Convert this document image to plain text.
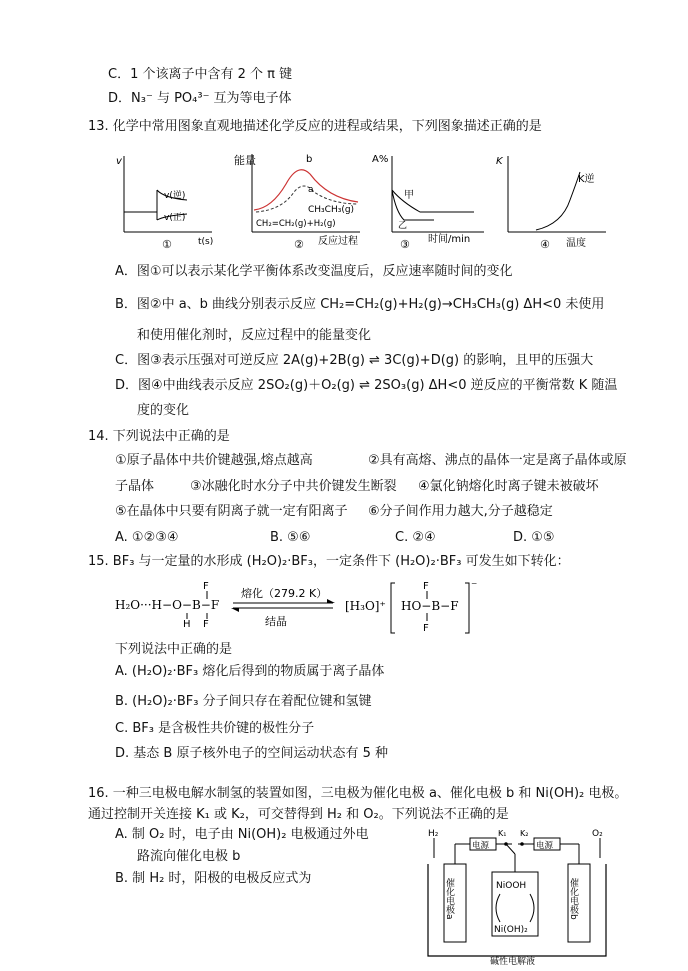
C．1 个该离子中含有 2 个 π 键
D．N₃⁻ 与 PO₄³⁻ 互为等电子体
13. 化学中常用图象直观地描述化学反应的进程或结果，下列图象描述正确的是
v
v(逆)
v(正)
t(s)
①
能量	b
a
CH₃CH₃(g)
CH₂=CH₂(g)+H₂(g)
反应过程
②
A%
甲
乙
时间/min
③
K
K逆
温度
④
A．图①可以表示某化学平衡体系改变温度后，反应速率随时间的变化
B．图②中 a、b 曲线分别表示反应 CH₂=CH₂(g)+H₂(g)→CH₃CH₃(g) ΔH<0 未使用
和使用催化剂时，反应过程中的能量变化
C．图③表示压强对可逆反应 2A(g)+2B(g) ⇌ 3C(g)+D(g) 的影响，且甲的压强大
D．图④中曲线表示反应 2SO₂(g)＋O₂(g) ⇌ 2SO₃(g) ΔH<0 逆反应的平衡常数 K 随温
度的变化
14. 下列说法中正确的是
①原子晶体中共价键越强,熔点越高	②具有高熔、沸点的晶体一定是离子晶体或原
子晶体	③冰融化时水分子中共价键发生断裂 ④氯化钠熔化时离子键未被破坏
⑤在晶体中只要有阴离子就一定有阳离子 ⑥分子间作用力越大,分子越稳定
A. ①②③④	B. ⑤⑥	C. ②④	D. ①⑤
15. BF₃ 与一定量的水形成 (H₂O)₂·BF₃，一定条件下 (H₂O)₂·BF₃ 可发生如下转化：
H₂O···H−O−B−F
F
H F
熔化（279.2 K）
结晶
[H₃O]⁺ HO−B−F
F
F
⁻
下列说法中正确的是
A. (H₂O)₂·BF₃ 熔化后得到的物质属于离子晶体
B. (H₂O)₂·BF₃ 分子间只存在着配位键和氢键
C. BF₃ 是含极性共价键的极性分子
D. 基态 B 原子核外电子的空间运动状态有 5 种
16. 一种三电极电解水制氢的装置如图，三电极为催化电极 a、催化电极 b 和 Ni(OH)₂ 电极。
通过控制开关连接 K₁ 或 K₂，可交替得到 H₂ 和 O₂。下列说法不正确的是
A. 制 O₂ 时，电子由 Ni(OH)₂ 电极通过外电
路流向催化电极 b
B. 制 H₂ 时，阳极的电极反应式为
H₂	O₂
K₁ K₂
电源	电源
催化电极a	催化电极b
NiOOH
Ni(OH)₂
碱性电解液
